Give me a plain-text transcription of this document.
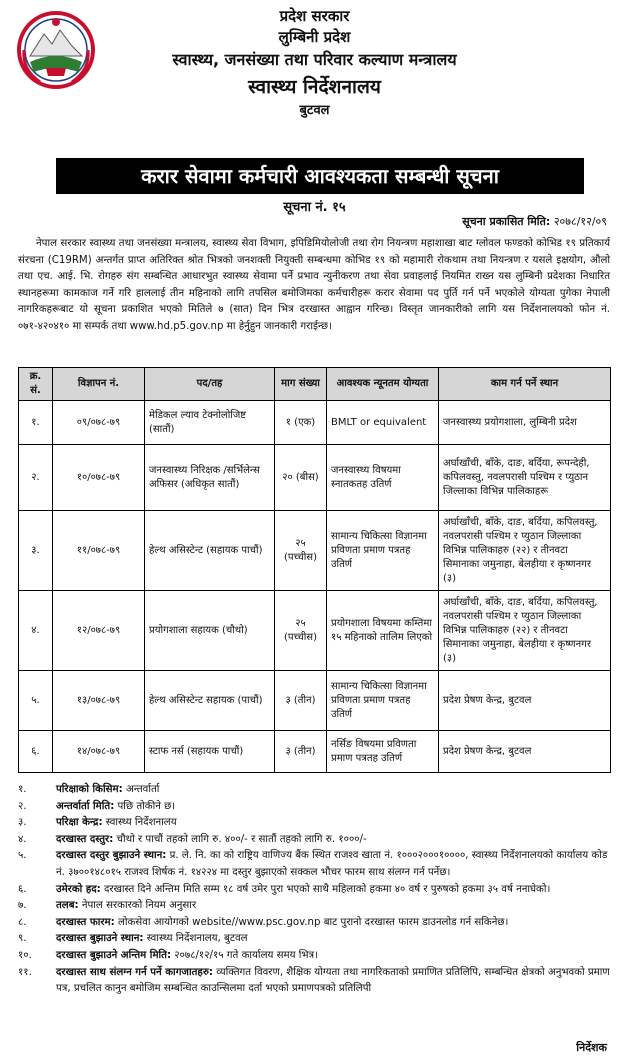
प्रदेश सरकार
लुम्बिनी प्रदेश
स्वास्थ्य, जनसंख्या तथा परिवार कल्याण मन्त्रालय
स्वास्थ्य निर्देशनालय
बुटवल
करार सेवामा कर्मचारी आवश्यकता सम्बन्धी सूचना
सूचना नं. १५
सूचना प्रकासित मिति: २०७८/१२/०९

नेपाल सरकार स्वास्थ्य तथा जनसंख्या मन्त्रालय, स्वास्थ्य सेवा विभाग, इपिडिमियोलोजी तथा रोग नियन्त्रण महाशाखा बाट ग्लोवल फण्डको कोभिड १९ प्रतिकार्य संरचना (C19RM) अन्तर्गत प्राप्त अतिरिक्त श्रोत भित्रको जनशक्ती नियुक्ती सम्बन्धमा कोभिड १९ को महामारी रोकथाम तथा नियन्त्रण र यसले इक्षयोग, औलो तथा एच. आई. भि. रोगहरु संग सम्बन्धित आधारभुत स्वास्थ्य सेवामा पर्ने प्रभाव न्युनीकरण तथा सेवा प्रवाहलाई नियमित राख्न यस लुम्बिनी प्रदेशका निधारित स्थानहरूमा कामकाज गर्ने गरि हाललाई तीन महिनाको लागि तपसिल बमोजिमका कर्मचारीहरू करार सेवामा पद पुर्ति गर्न पर्ने भएकोले योग्यता पुगेका नेपाली नागरिकहरूबाट यो सूचना प्रकाशित भएको मितिले ७ (सात) दिन भित्र दरखास्त आह्वान गरिन्छ। विस्तृत जानकारीको लागि यस निर्देशनालयको फोन नं. ०७१-४२०४१० मा सम्पर्क तथा www.hd.p5.gov.np मा हेर्नुहुन जानकारी गराईन्छ।

क्र. सं.	विज्ञापन नं.	पद/तह	माग संख्या	आवश्यक न्यूनतम योग्यता	काम गर्न पर्ने स्थान
१.	०९/०७८-७९	मेडिकल ल्याव टेक्नोलोजिष्ट (सातौं)	१ (एक)	BMLT or equivalent	जनस्वास्थ्य प्रयोगशाला, लुम्बिनी प्रदेश
२.	१०/०७८-७९	जनस्वास्थ्य निरिक्षक /सर्भिलेन्स अफिसर (अधिकृत सातौं)	२० (बीस)	जनस्वास्थ्य विषयमा स्नातकतह उतिर्ण	अर्घाखाँची, बाँके, दाङ, बर्दिया, रूपन्देही, कपिलवस्तु, नवलपरासी पश्चिम र प्युठान जिल्लाका विभिन्न पालिकाहरू
३.	११/०७८-७९	हेल्थ असिस्टेन्ट (सहायक पाचौं)	२५ (पच्चीस)	सामान्य चिकित्सा विज्ञानमा प्रविणता प्रमाण पत्रतह उतिर्ण	अर्घाखाँची, बाँके, दाङ, बर्दिया, कपिलवस्तु, नवलपरासी पश्चिम र प्युठान जिल्लाका विभिन्न पालिकाहरु (२२) र तीनवटा सिमानाका जमुनाहा, बेलहीया र कृष्णनगर (३)
४.	१२/०७८-७९	प्रयोगशाला सहायक (चौथो)	२५ (पच्चीस)	प्रयोगशाला विषयमा कम्तिमा १५ महिनाको तालिम लिएको	अर्घाखाँची, बाँके, दाङ, बर्दिया, कपिलवस्तु, नवलपरासी पश्चिम र प्युठान जिल्लाका विभिन्न पालिकाहरु (२२) र तीनवटा सिमानाका जमुनाहा, बेलहीया र कृष्णनगर (३)
५.	१३/०७८-७९	हेल्थ असिस्टेन्ट सहायक (पाचौं)	३ (तीन)	सामान्य चिकित्सा विज्ञानमा प्रविणता प्रमाण पत्रतह उतिर्ण	प्रदेश प्रेषण केन्द्र, बुटवल
६.	१४/०७८-७९	स्टाफ नर्स (सहायक पाचौं)	३ (तीन)	नर्सिङ विषयमा प्रविणता प्रमाण पत्रतह उतिर्ण	प्रदेश प्रेषण केन्द्र, बुटवल
१.	परिक्षाको किसिम: अन्तर्वार्ता
२.	अन्तर्वार्ता मिति: पछि तोकीने छ।
३.	परिक्षा केन्द्र: स्वास्थ्य निर्देशनालय
४.	दरखास्त दस्तुर: चौथो र पाचौं तहको लागि रु. ४००/- र सातौं तहको लागि रु. १०००/-
५.	दरखास्त दस्तुर बुझाउने स्थान: प्र. ले. नि. का को राष्ट्रिय वाणिज्य बैंक स्थित राजश्व खाता नं. १०००२०००१००००, स्वास्थ्य निर्देशनालयको कार्यालय कोड नं. ३७००१४८०१५ राजश्व शिर्षक नं. १४२२४ मा दस्तुर बुझाएको सक्कल भौचर फारम साथ संलग्न गर्न पर्नेछ।
६.	उमेरको हद: दरखास्त दिने अन्तिम मिति सम्म १८ वर्ष उमेर पुरा भएको साथै महिलाको हकमा ४० वर्ष र पुरुषको हकमा ३५ वर्ष ननाघेको।
७.	तलब: नेपाल सरकारको नियम अनुसार
८.	दरखास्त फारम: लोकसेवा आयोगको website//www.psc.gov.np बाट पुरानो दरखास्त फारम डाउनलोड गर्न सकिनेछ।
९.	दरखास्त बुझाउने स्थान: स्वास्थ्य निर्देशनालय, बुटवल
१०. दरखास्त बुझाउने अन्तिम मिति: २०७८/१२/१५ गते कार्यालय समय भित्र।
११. दरखास्त साथ संलग्न गर्न पर्ने कागजातहरु: व्यक्तिगत विवरण, शैक्षिक योग्यता तथा नागरिकताको प्रमाणित प्रतिलिपि, सम्बन्धित क्षेत्रको अनुभवको प्रमाण पत्र, प्रचलित कानुन बमोजिम सम्बन्धित काउन्सिलमा दर्ता भएको प्रमाणपत्रको प्रतिलिपी
निर्देशक
